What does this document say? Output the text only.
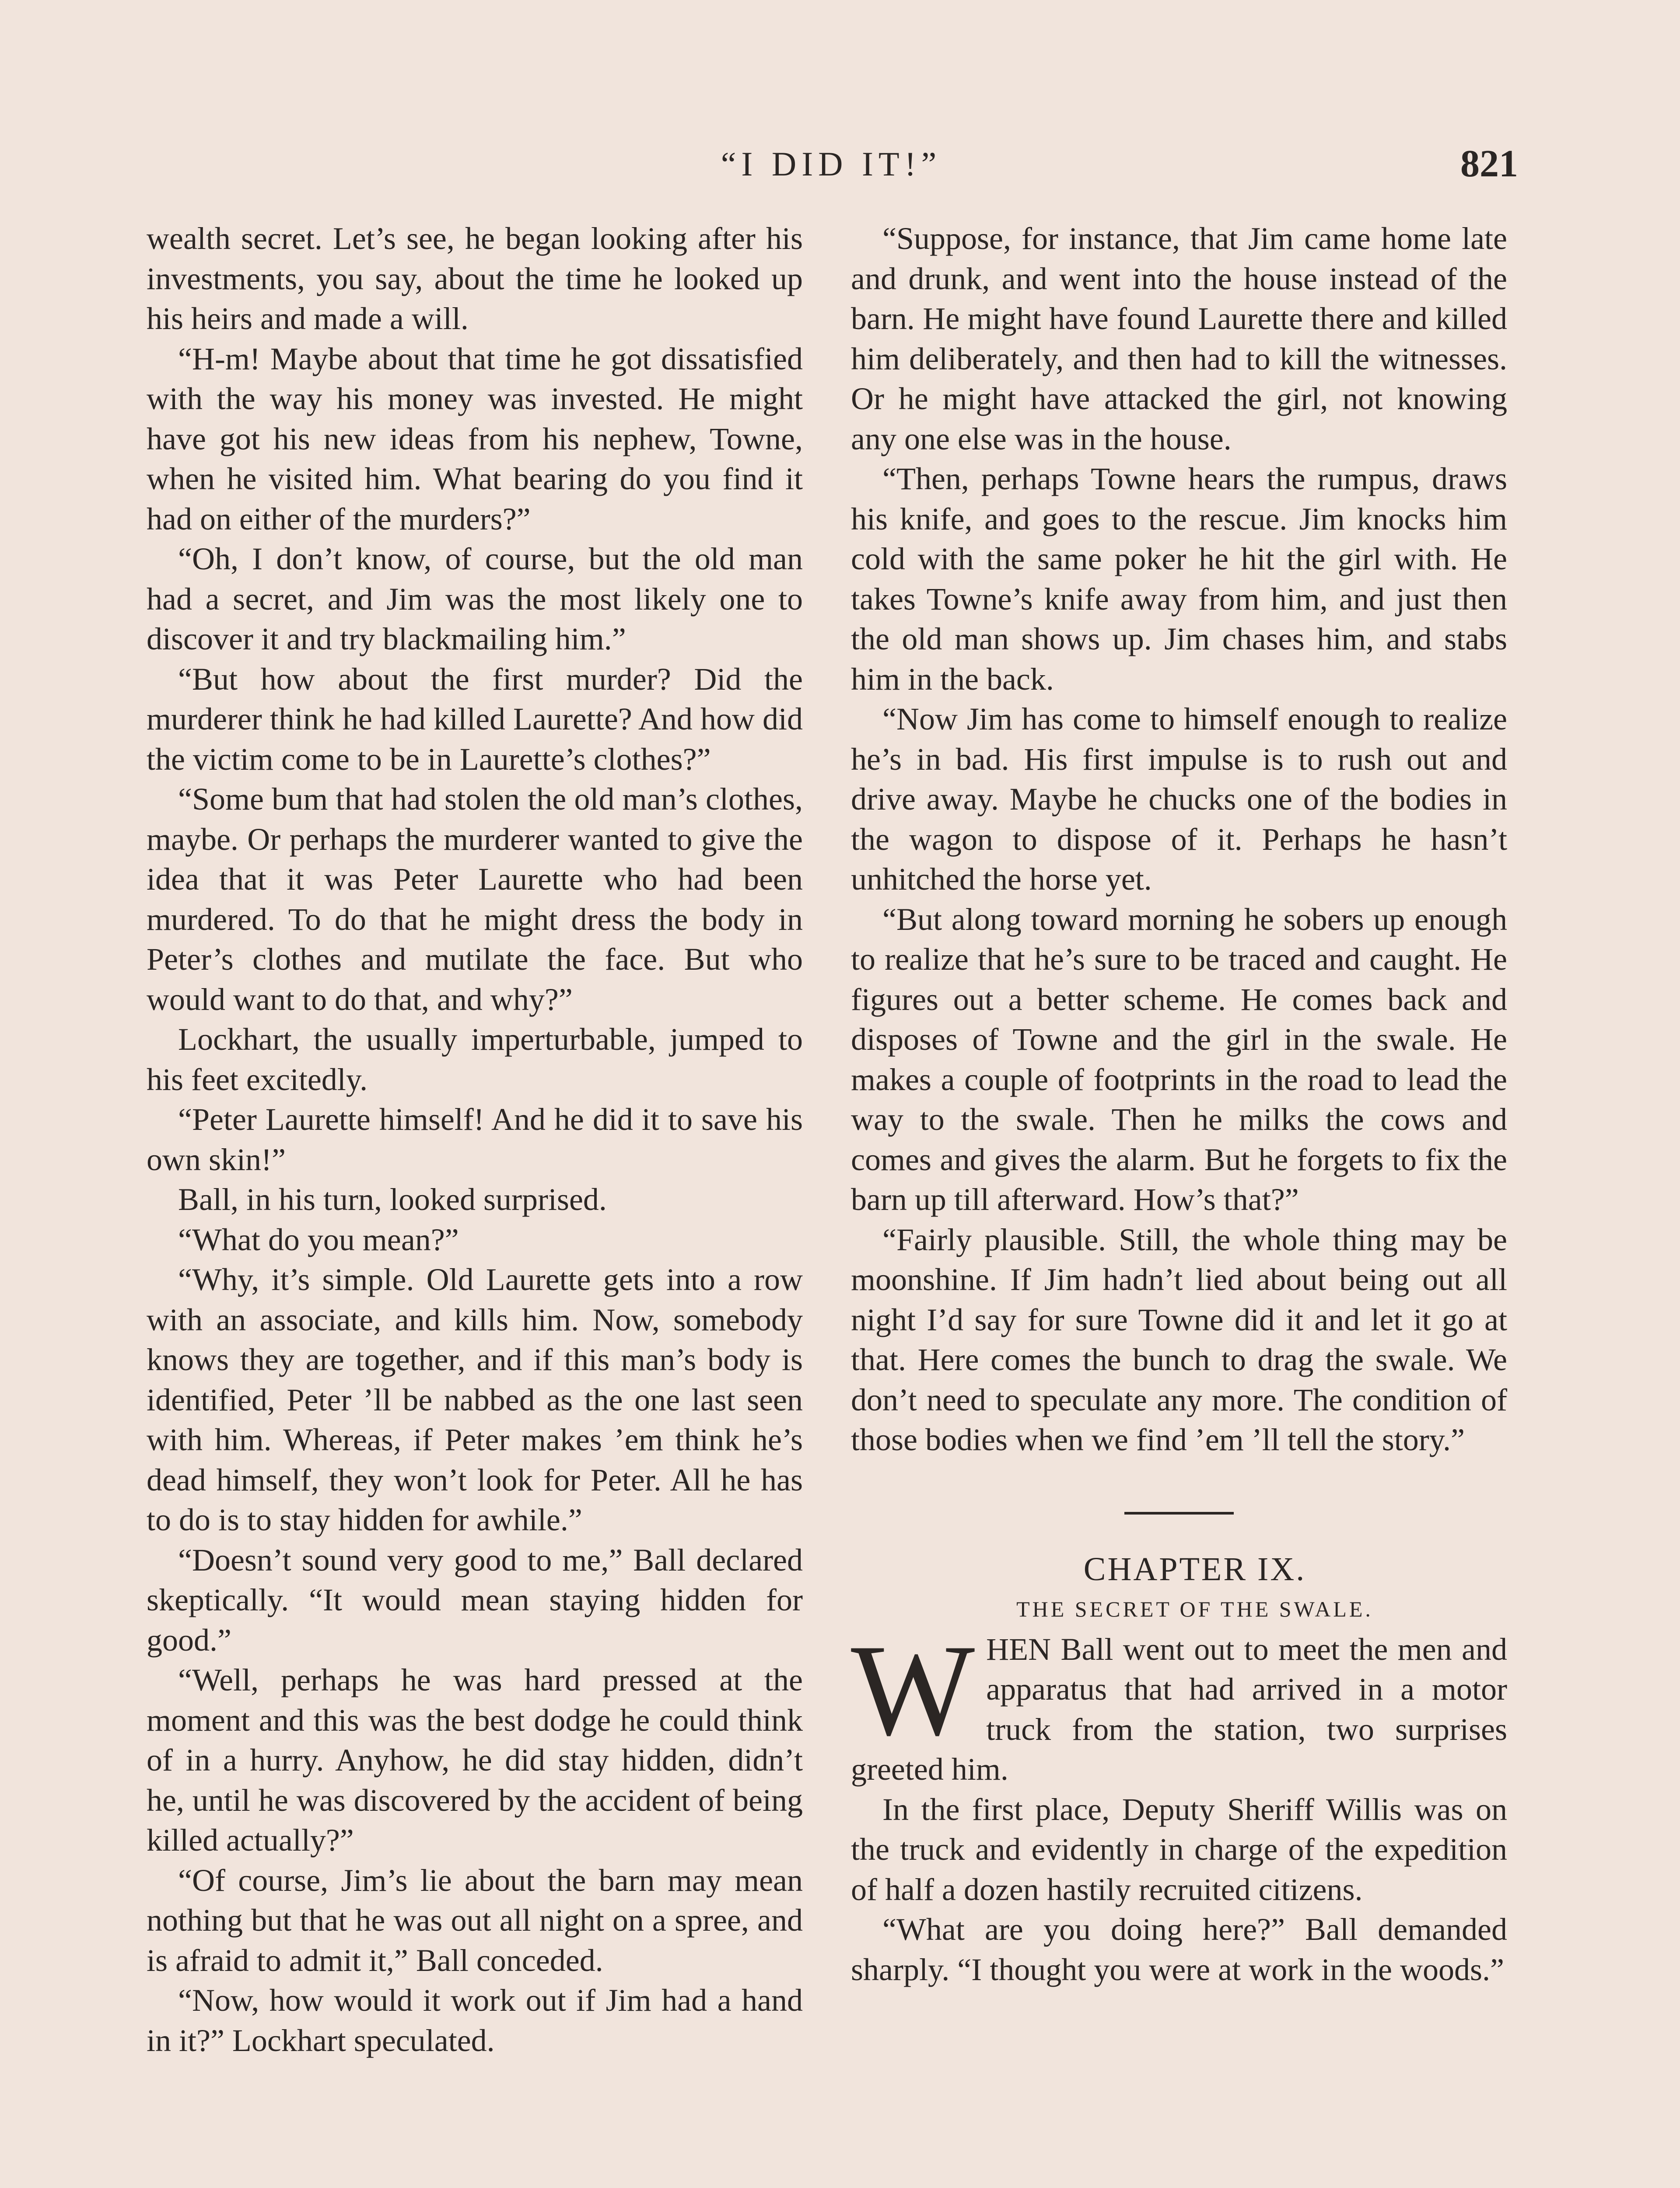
“I DID IT!”	821

wealth secret. Let’s see, he began looking after his investments, you say, about the time he looked up his heirs and made a will.

“H-m! Maybe about that time he got dissatisfied with the way his money was invested. He might have got his new ideas from his nephew, Towne, when he visited him. What bearing do you find it had on either of the murders?”

“Oh, I don’t know, of course, but the old man had a secret, and Jim was the most likely one to discover it and try blackmailing him.”

“But how about the first murder? Did the murderer think he had killed Laurette? And how did the victim come to be in Laurette’s clothes?”

“Some bum that had stolen the old man’s clothes, maybe. Or perhaps the murderer wanted to give the idea that it was Peter Laurette who had been murdered. To do that he might dress the body in Peter’s clothes and mutilate the face. But who would want to do that, and why?”

Lockhart, the usually imperturbable, jumped to his feet excitedly.

“Peter Laurette himself! And he did it to save his own skin!”

Ball, in his turn, looked surprised.

“What do you mean?”

“Why, it’s simple. Old Laurette gets into a row with an associate, and kills him. Now, somebody knows they are together, and if this man’s body is identified, Peter ’ll be nabbed as the one last seen with him. Whereas, if Peter makes ’em think he’s dead himself, they won’t look for Peter. All he has to do is to stay hidden for awhile.”

“Doesn’t sound very good to me,” Ball declared skeptically. “It would mean staying hidden for good.”

“Well, perhaps he was hard pressed at the moment and this was the best dodge he could think of in a hurry. Anyhow, he did stay hidden, didn’t he, until he was discovered by the accident of being killed actually?”

“Of course, Jim’s lie about the barn may mean nothing but that he was out all night on a spree, and is afraid to admit it,” Ball conceded.

“Now, how would it work out if Jim had a hand in it?” Lockhart speculated.

“Suppose, for instance, that Jim came home late and drunk, and went into the house instead of the barn. He might have found Laurette there and killed him deliberately, and then had to kill the witnesses. Or he might have attacked the girl, not knowing any one else was in the house.

“Then, perhaps Towne hears the rumpus, draws his knife, and goes to the rescue. Jim knocks him cold with the same poker he hit the girl with. He takes Towne’s knife away from him, and just then the old man shows up. Jim chases him, and stabs him in the back.

“Now Jim has come to himself enough to realize he’s in bad. His first impulse is to rush out and drive away. Maybe he chucks one of the bodies in the wagon to dispose of it. Perhaps he hasn’t unhitched the horse yet.

“But along toward morning he sobers up enough to realize that he’s sure to be traced and caught. He figures out a better scheme. He comes back and disposes of Towne and the girl in the swale. He makes a couple of footprints in the road to lead the way to the swale. Then he milks the cows and comes and gives the alarm. But he forgets to fix the barn up till afterward. How’s that?”

“Fairly plausible. Still, the whole thing may be moonshine. If Jim hadn’t lied about being out all night I’d say for sure Towne did it and let it go at that. Here comes the bunch to drag the swale. We don’t need to speculate any more. The condition of those bodies when we find ’em ’ll tell the story.”

CHAPTER IX.

THE SECRET OF THE SWALE.

WHEN Ball went out to meet the men and apparatus that had arrived in a motor truck from the station, two surprises greeted him.

In the first place, Deputy Sheriff Willis was on the truck and evidently in charge of the expedition of half a dozen hastily recruited citizens.

“What are you doing here?” Ball demanded sharply. “I thought you were at work in the woods.”
